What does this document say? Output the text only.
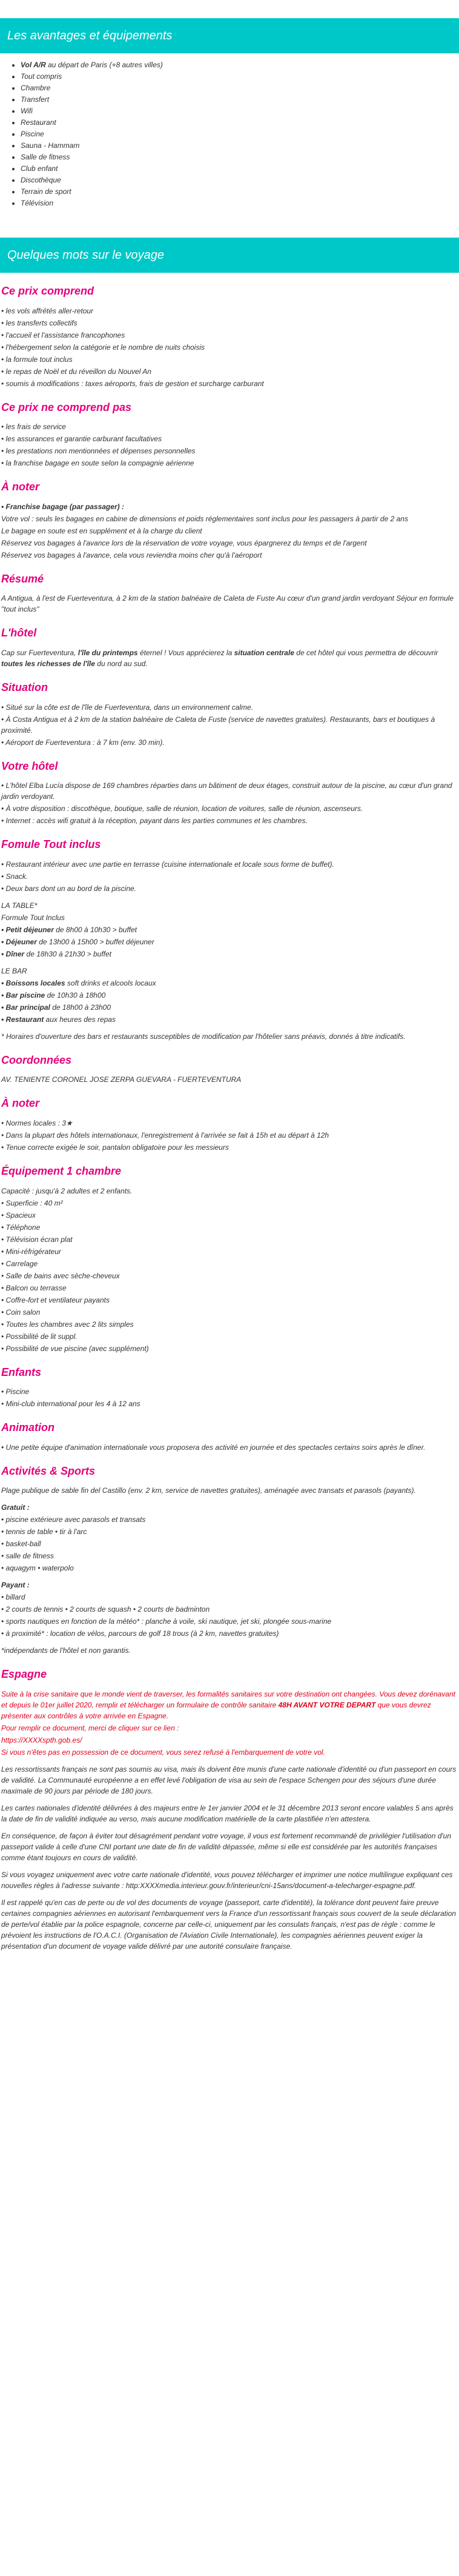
Les avantages et équipements
• Vol A/R au départ de Paris (+8 autres villes)
• Tout compris
• Chambre
• Transfert
• Wifi
• Restaurant
• Piscine
• Sauna - Hammam
• Salle de fitness
• Club enfant
• Discothèque
• Terrain de sport
• Télévision
Quelques mots sur le voyage
Ce prix comprend
• les vols affrétés aller-retour
• les transferts collectifs
• l'accueil et l'assistance francophones
• l'hébergement selon la catégorie et le nombre de nuits choisis
• la formule tout inclus
• le repas de Noël et du réveillon du Nouvel An
• soumis à modifications : taxes aéroports, frais de gestion et surcharge carburant
Ce prix ne comprend pas
• les frais de service
• les assurances et garantie carburant facultatives
• les prestations non mentionnées et dépenses personnelles
• la franchise bagage en soute selon la compagnie aérienne
À noter
• Franchise bagage (par passager) :
Votre vol : seuls les bagages en cabine de dimensions et poids réglementaires sont inclus pour les passagers à partir de 2 ans
Le bagage en soute est en supplément et à la charge du client
Réservez vos bagages à l'avance lors de la réservation de votre voyage, vous épargnerez du temps et de l'argent
Réservez vos bagages à l'avance, cela vous reviendra moins cher qu'à l'aéroport
Résumé
A Antigua, à l'est de Fuerteventura, à 2 km de la station balnéaire de Caleta de Fuste Au cœur d'un grand jardin verdoyant Séjour en formule "tout inclus"
L'hôtel
Cap sur Fuerteventura, l'île du printemps éternel ! Vous apprécierez la situation centrale de cet hôtel qui vous permettra de découvrir toutes les richesses de l'île du nord au sud.
Situation
• Situé sur la côte est de l'île de Fuerteventura, dans un environnement calme.
• À Costa Antigua et à 2 km de la station balnéaire de Caleta de Fuste (service de navettes gratuites). Restaurants, bars et boutiques à proximité.
• Aéroport de Fuerteventura : à 7 km (env. 30 min).
Votre hôtel
• L'hôtel Elba Lucía dispose de 169 chambres réparties dans un bâtiment de deux étages, construit autour de la piscine, au cœur d'un grand jardin verdoyant.
• À votre disposition : discothèque, boutique, salle de réunion, location de voitures, salle de réunion, ascenseurs.
• Internet : accès wifi gratuit à la réception, payant dans les parties communes et les chambres.
Fomule Tout inclus
• Restaurant intérieur avec une partie en terrasse (cuisine internationale et locale sous forme de buffet).
• Snack.
• Deux bars dont un au bord de la piscine.
LA TABLE*
Formule Tout Inclus
• Petit déjeuner de 8h00 à 10h30 > buffet
• Déjeuner de 13h00 à 15h00 > buffet déjeuner
• Dîner de 18h30 à 21h30 > buffet
LE BAR
• Boissons locales soft drinks et alcools locaux
• Bar piscine de 10h30 à 18h00
• Bar principal de 18h00 à 23h00
• Restaurant aux heures des repas
* Horaires d'ouverture des bars et restaurants susceptibles de modification par l'hôtelier sans préavis, donnés à titre indicatifs.
Coordonnées
AV. TENIENTE CORONEL JOSE ZERPA GUEVARA - FUERTEVENTURA
À noter
• Normes locales : 3★
• Dans la plupart des hôtels internationaux, l'enregistrement à l'arrivée se fait à 15h et au départ à 12h
• Tenue correcte exigée le soir, pantalon obligatoire pour les messieurs
Équipement 1 chambre
Capacité : jusqu'à 2 adultes et 2 enfants.
• Superficie : 40 m²
• Spacieux
• Téléphone
• Télévision écran plat
• Mini-réfrigérateur
• Carrelage
• Salle de bains avec sèche-cheveux
• Balcon ou terrasse
• Coffre-fort et ventilateur payants
• Coin salon
• Toutes les chambres avec 2 lits simples
• Possibilité de lit suppl.
• Possibilité de vue piscine (avec supplément)
Enfants
• Piscine
• Mini-club international pour les 4 à 12 ans
Animation
• Une petite équipe d'animation internationale vous proposera des activité en journée et des spectacles certains soirs après le dîner.
Activités & Sports
Plage publique de sable fin del Castillo (env. 2 km, service de navettes gratuites), aménagée avec transats et parasols (payants).
Gratuit :
• piscine extérieure avec parasols et transats
• tennis de table • tir à l'arc
• basket-ball
• salle de fitness
• aquagym • waterpolo
Payant :
• billard
• 2 courts de tennis • 2 courts de squash • 2 courts de badminton
• sports nautiques en fonction de la météo* : planche à voile, ski nautique, jet ski, plongée sous-marine
• à proximité* : location de vélos, parcours de golf 18 trous (à 2 km, navettes gratuites)
*indépendants de l'hôtel et non garantis.
Espagne
Suite à la crise sanitaire que le monde vient de traverser, les formalités sanitaires sur votre destination ont changées. Vous devez dorénavant et depuis le 01er juillet 2020, remplir et télécharger un formulaire de contrôle sanitaire 48H AVANT VOTRE DEPART que vous devrez présenter aux contrôles à votre arrivée en Espagne.
Pour remplir ce document, merci de cliquer sur ce lien :
https://XXXXspth.gob.es/
Si vous n'êtes pas en possession de ce document, vous serez refusé à l'embarquement de votre vol.
Les ressortissants français ne sont pas soumis au visa, mais ils doivent être munis d'une carte nationale d'identité ou d'un passeport en cours de validité. La Communauté européenne a en effet levé l'obligation de visa au sein de l'espace Schengen pour des séjours d'une durée maximale de 90 jours par période de 180 jours.
Les cartes nationales d'identité délivrées à des majeurs entre le 1er janvier 2004 et le 31 décembre 2013 seront encore valables 5 ans après la date de fin de validité indiquée au verso, mais aucune modification matérielle de la carte plastifiée n'en attestera.
En conséquence, de façon à éviter tout désagrément pendant votre voyage, il vous est fortement recommandé de privilégier l'utilisation d'un passeport valide à celle d'une CNI portant une date de fin de validité dépassée, même si elle est considérée par les autorités françaises comme étant toujours en cours de validité.
Si vous voyagez uniquement avec votre carte nationale d'identité, vous pouvez télécharger et imprimer une notice multilingue expliquant ces nouvelles règles à l'adresse suivante : http:XXXXmedia.interieur.gouv.fr/interieur/cni-15ans/document-a-telecharger-espagne.pdf.
Il est rappelé qu'en cas de perte ou de vol des documents de voyage (passeport, carte d'identité), la tolérance dont peuvent faire preuve certaines compagnies aériennes en autorisant l'embarquement vers la France d'un ressortissant français sous couvert de la seule déclaration de perte/vol établie par la police espagnole, concerne par celle-ci, uniquement par les consulats français, n'est pas de règle : comme le prévoient les instructions de l'O.A.C.I. (Organisation de l'Aviation Civile Internationale), les compagnies aériennes peuvent exiger la présentation d'un document de voyage valide délivré par une autorité consulaire française.
